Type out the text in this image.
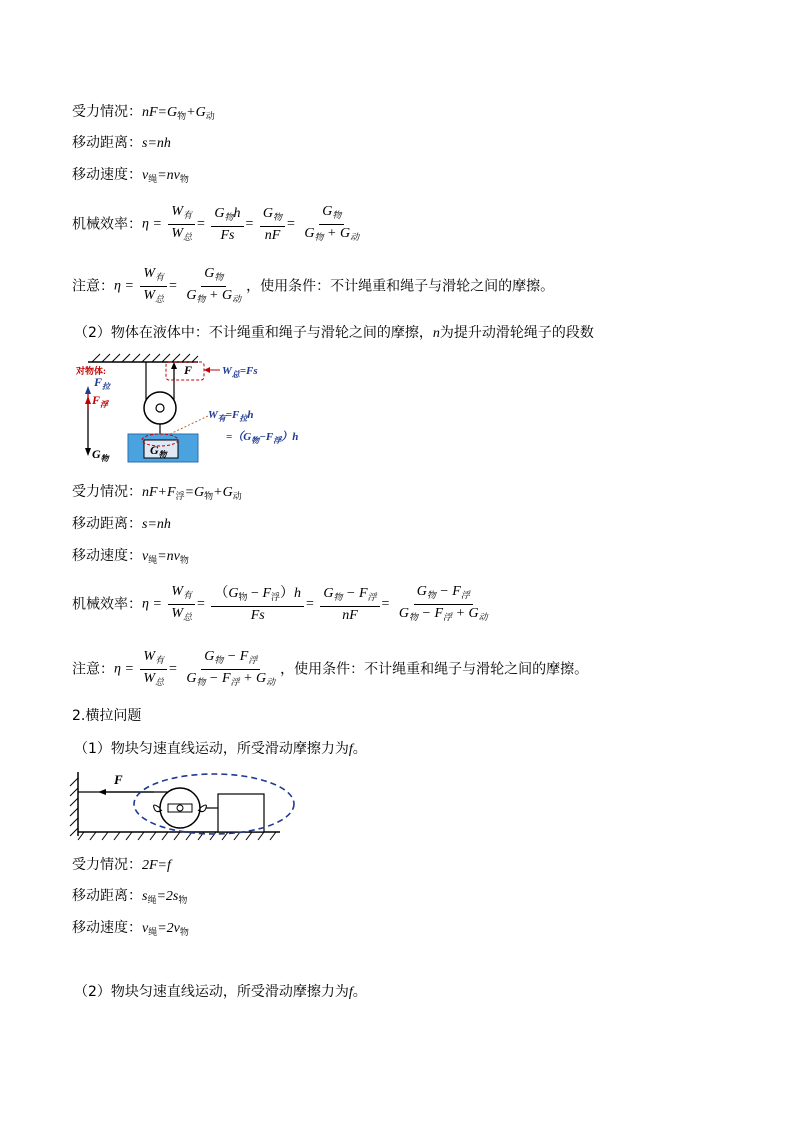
受力情况：$nF=G_物+G_动$
移动距离：s=nh
移动速度：$v_绳=nv_物$
机械效率：$\eta = \frac{W_有}{W_总} = \frac{G_物h}{Fs} = \frac{G_物}{nF} = \frac{G_物}{G_物 + G_动}$
注意：$\eta = \frac{W_有}{W_总} = \frac{G_物}{G_物 + G_动}$ ，使用条件：不计绳重和绳子与滑轮之间的摩擦。
（2）物体在液体中：不计绳重和绳子与滑轮之间的摩擦，n为提升动滑轮绳子的段数
F	$W_总=Fs$
对物体:
$F_拉$
$F_浮$
$G_物$
$G_物$
$W_有=F_拉h$
$=(G_物-F_浮)h$
受力情况：$nF+F_浮=G_物+G_动$
移动距离：s=nh
移动速度：$v_绳=nv_物$
机械效率：$\eta = \frac{W_有}{W_总} = \frac{(G_物 - F_浮)h}{Fs} = \frac{G_物 - F_浮}{nF} = \frac{G_物 - F_浮}{G_物 - F_浮 + G_动}$
注意：$\eta = \frac{W_有}{W_总} = \frac{G_物 - F_浮}{G_物 - F_浮 + G_动}$ ，使用条件：不计绳重和绳子与滑轮之间的摩擦。
2.横拉问题
（1）物块匀速直线运动，所受滑动摩擦力为f。
F
受力情况：2F=f
移动距离：$s_绳=2s_物$
移动速度：$v_绳=2v_物$
（2）物块匀速直线运动，所受滑动摩擦力为f。
